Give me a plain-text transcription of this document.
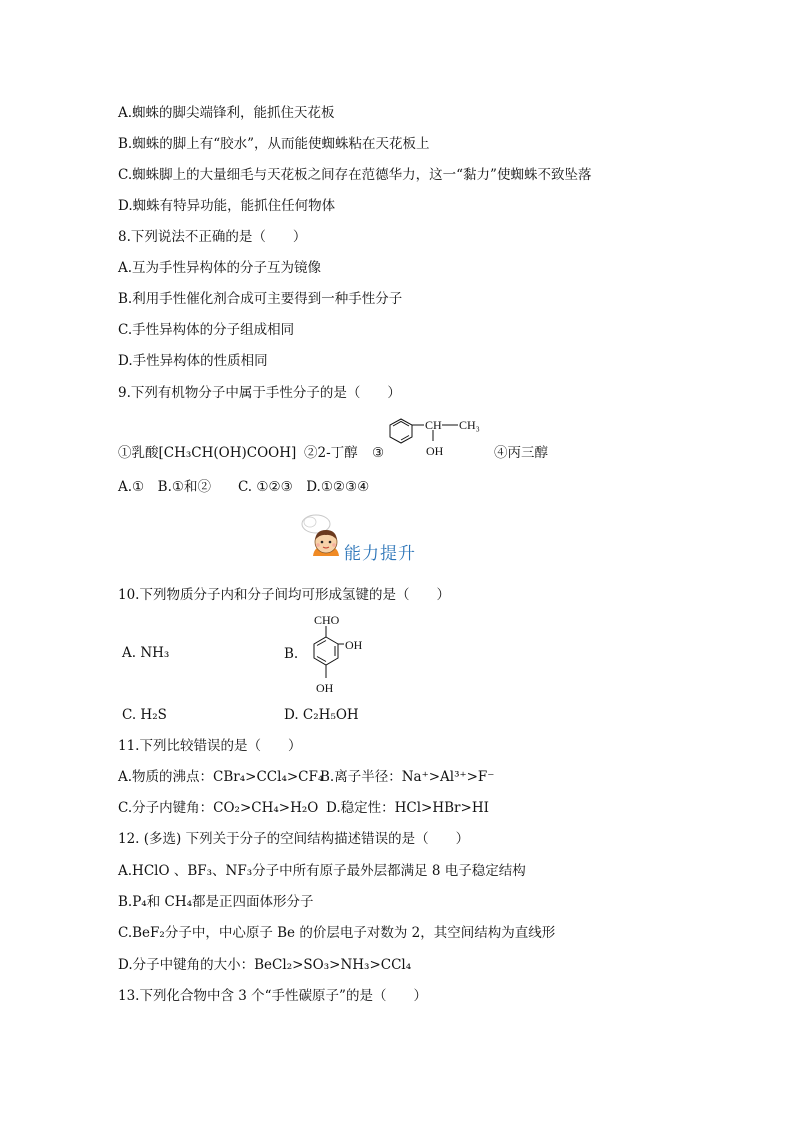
A.蜘蛛的脚尖端锋利，能抓住天花板
B.蜘蛛的脚上有“胶水”，从而能使蜘蛛粘在天花板上
C.蜘蛛脚上的大量细毛与天花板之间存在范德华力，这一“黏力”使蜘蛛不致坠落
D.蜘蛛有特异功能，能抓住任何物体
8.下列说法不正确的是（　　）
A.互为手性异构体的分子互为镜像
B.利用手性催化剂合成可主要得到一种手性分子
C.手性异构体的分子组成相同
D.手性异构体的性质相同
9.下列有机物分子中属于手性分子的是（　　）
CH CH₃
OH
①乳酸[CH₃CH(OH)COOH] ②2-丁醇 ③	④丙三醇
A.①　B.①和②　　C. ①②③　D.①②③④
能力提升
10.下列物质分子内和分子间均可形成氢键的是（　　）
A. NH₃	B.
CHO
OH
OH
C. H₂S	D. C₂H₅OH
11.下列比较错误的是（　　）
A.物质的沸点：CBr₄>CCl₄>CF₄
B.离子半径：Na⁺>Al³⁺>F⁻
C.分子内键角：CO₂>CH₄>H₂O D.稳定性：HCl>HBr>HI
12. (多选) 下列关于分子的空间结构描述错误的是（　　）
A.HClO 、BF₃、NF₃分子中所有原子最外层都满足 8 电子稳定结构
B.P₄和 CH₄都是正四面体形分子
C.BeF₂分子中，中心原子 Be 的价层电子对数为 2，其空间结构为直线形
D.分子中键角的大小：BeCl₂>SO₃>NH₃>CCl₄
13.下列化合物中含 3 个“手性碳原子”的是（　　）
